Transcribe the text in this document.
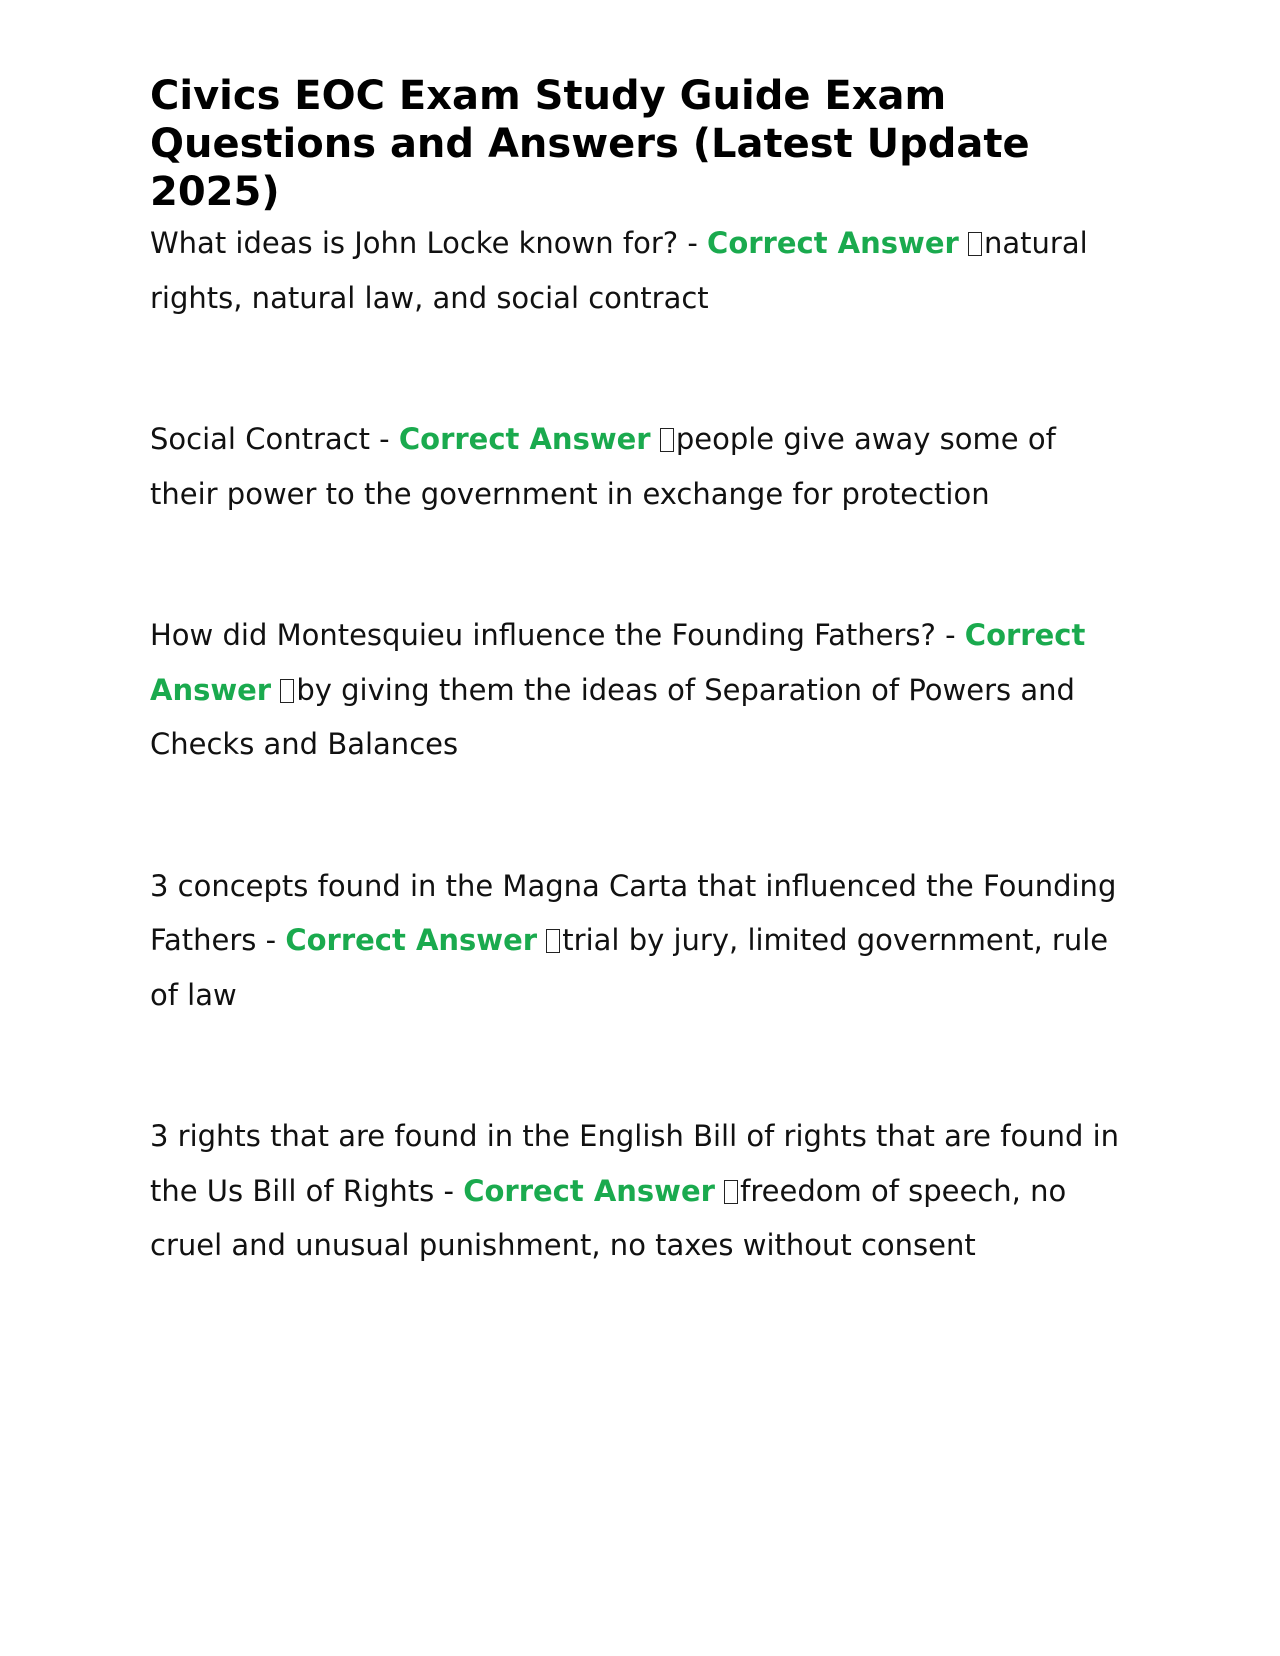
Civics EOC Exam Study Guide Exam Questions and Answers (Latest Update 2025)

What ideas is John Locke known for? - Correct Answer natural rights, natural law, and social contract

Social Contract - Correct Answer people give away some of their power to the government in exchange for protection

How did Montesquieu influence the Founding Fathers? - Correct Answer by giving them the ideas of Separation of Powers and Checks and Balances

3 concepts found in the Magna Carta that influenced the Founding Fathers - Correct Answer trial by jury, limited government, rule of law

3 rights that are found in the English Bill of rights that are found in the Us Bill of Rights - Correct Answer freedom of speech, no cruel and unusual punishment, no taxes without consent
